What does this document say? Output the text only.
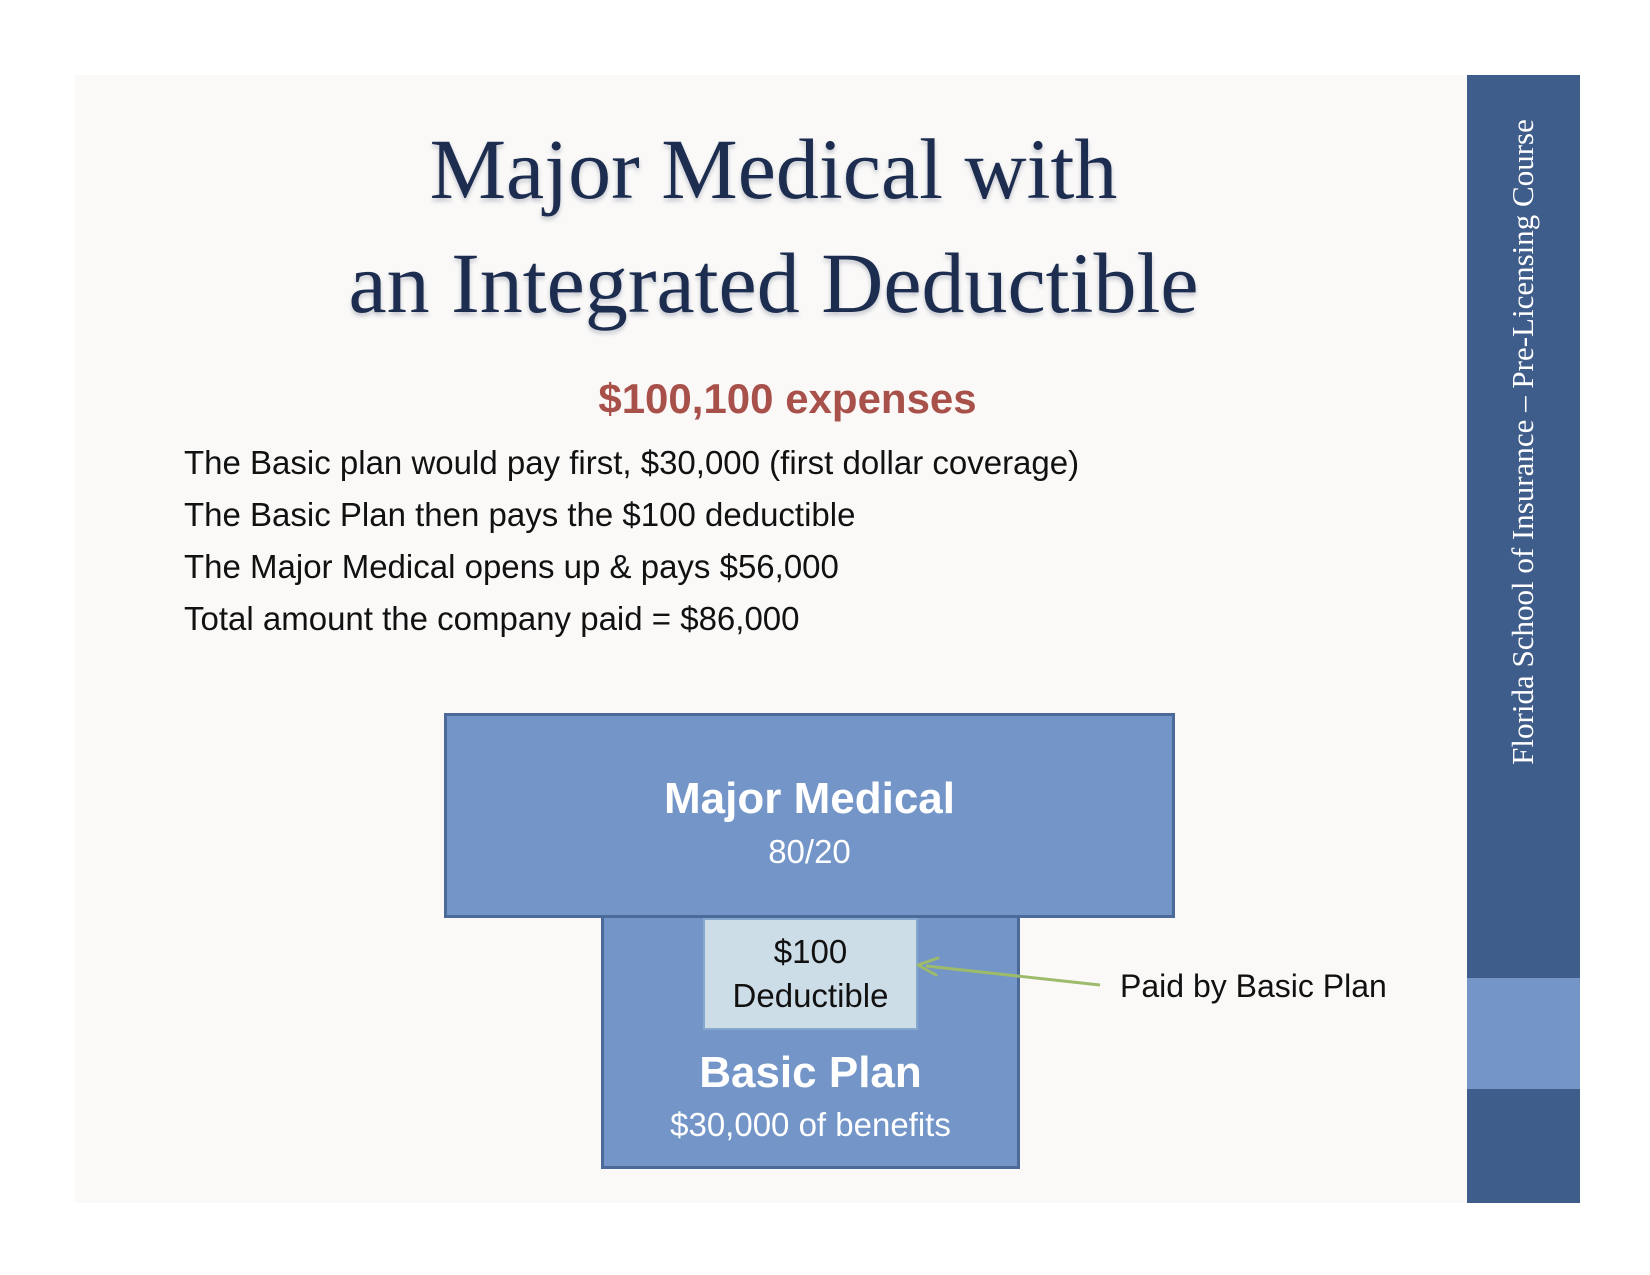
Florida School of Insurance – Pre-Licensing Course
Major Medical with
an Integrated Deductible
$100,100 expenses
The Basic plan would pay first, $30,000 (first dollar coverage)
The Basic Plan then pays the $100 deductible
The Major Medical opens up & pays $56,000
Total amount the company paid = $86,000
Major Medical
80/20
Basic Plan
$30,000 of benefits
$100
Deductible	Paid by Basic Plan
